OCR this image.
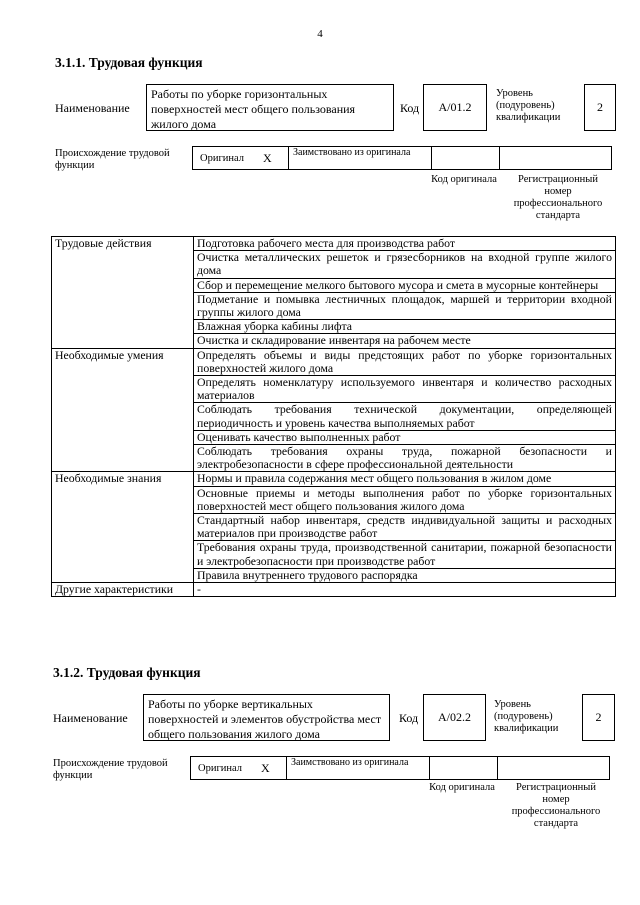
4
3.1.1. Трудовая функция
Наименование
Работы по уборке горизонтальных поверхностей мест общего пользования жилого дома
Код	A/01.2
Уровень (подуровень) квалификации
2
Происхождение трудовой функции
Оригинал X Заимствовано из оригинала
Код оригинала	Регистрационный номер профессионального стандарта
Трудовые действия	Подготовка рабочего места для производства работ
	Очистка металлических решеток и грязесборников на входной группе жилого дома
	Сбор и перемещение мелкого бытового мусора и смета в мусорные контейнеры
	Подметание и помывка лестничных площадок, маршей и территории входной группы жилого дома
	Влажная уборка кабины лифта
	Очистка и складирование инвентаря на рабочем месте
Необходимые умения	Определять объемы и виды предстоящих работ по уборке горизонтальных поверхностей жилого дома
	Определять номенклатуру используемого инвентаря и количество расходных материалов
	Соблюдать требования технической документации, определяющей периодичность и уровень качества выполняемых работ
	Оценивать качество выполненных работ
	Соблюдать требования охраны труда, пожарной безопасности и электробезопасности в сфере профессиональной деятельности
Необходимые знания	Нормы и правила содержания мест общего пользования в жилом доме
	Основные приемы и методы выполнения работ по уборке горизонтальных поверхностей мест общего пользования жилого дома
	Стандартный набор инвентаря, средств индивидуальной защиты и расходных материалов при производстве работ
	Требования охраны труда, производственной санитарии, пожарной безопасности и электробезопасности при производстве работ
	Правила внутреннего трудового распорядка
Другие характеристики	-
3.1.2. Трудовая функция
Наименование
Работы по уборке вертикальных поверхностей и элементов обустройства мест общего пользования жилого дома
Код	A/02.2
Уровень (подуровень) квалификации
2
Происхождение трудовой функции
Оригинал X Заимствовано из оригинала
Код оригинала	Регистрационный номер профессионального стандарта
